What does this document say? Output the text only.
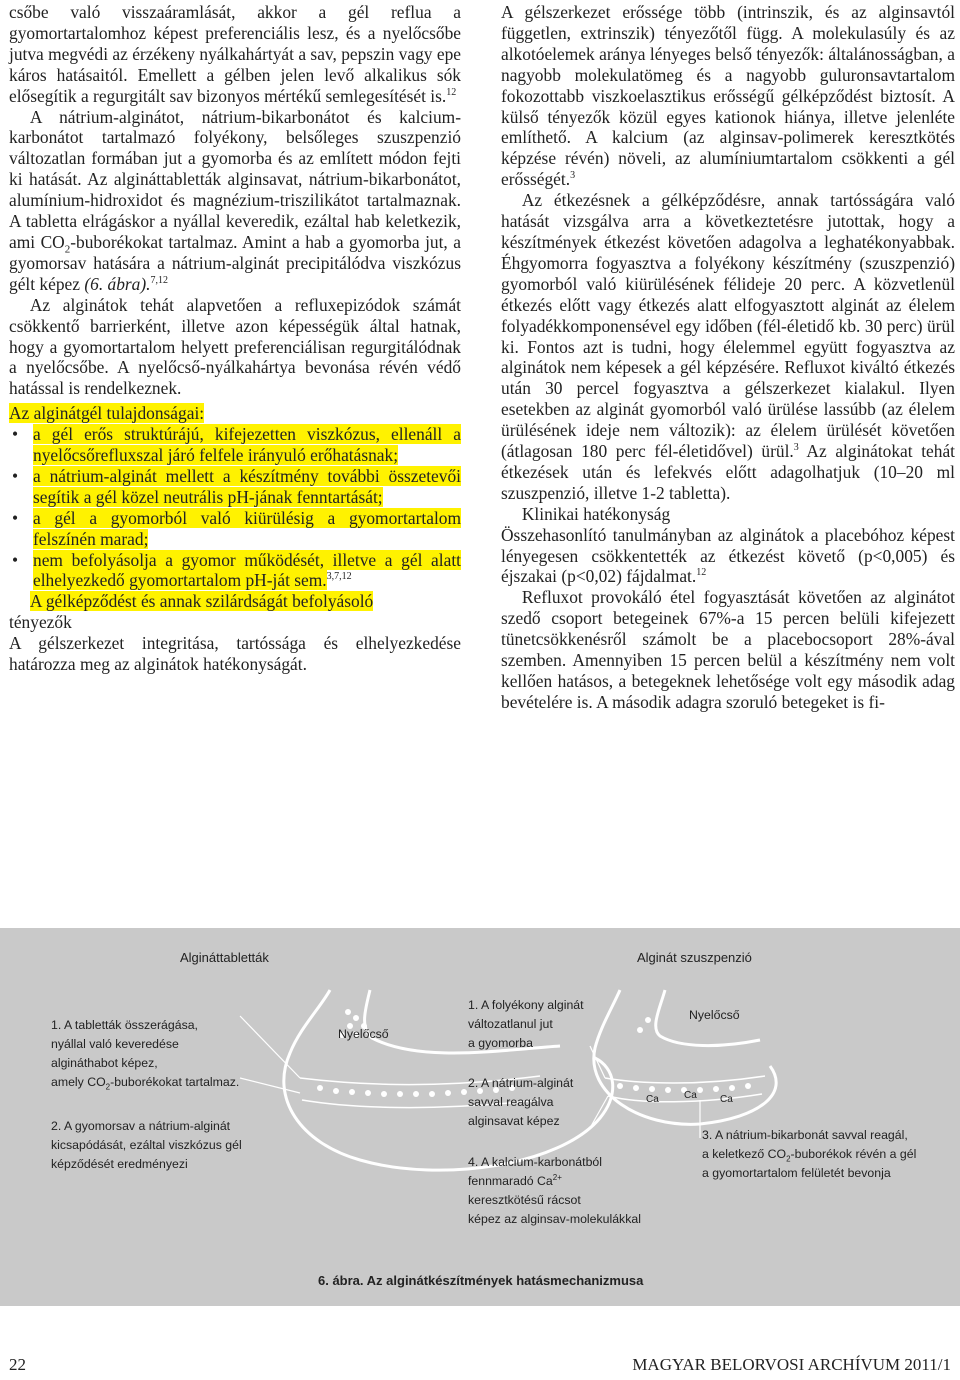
csőbe való visszaáramlását, akkor a gél reflua a gyomortartalomhoz képest preferenciális lesz, és a nyelőcsőbe jutva megvédi az érzékeny nyálkahártyát a sav, pepszin vagy epe káros hatásaitól. Emellett a gélben jelen levő alkalikus sók elősegítik a regurgitált sav bizonyos mértékű semlegesítését is.$^{12}$

A nátrium-alginátot, nátrium-bikarbonátot és kalcium-karbonátot tartalmazó folyékony, belsőleges szuszpenzió változatlan formában jut a gyomorba és az említett módon fejti ki hatását. Az algináttabletták alginsavat, nátrium-bikarbonátot, alumínium-hidroxidot és magnézium-triszilikátot tartalmaznak. A tabletta elrágáskor a nyállal keveredik, ezáltal hab keletkezik, ami $CO_2$-buborékokat tartalmaz. Amint a hab a gyomorba jut, a gyomorsav hatására a nátrium-alginát precipitálódva viszkózus gélt képez (6. ábra).$^{7,12}$

Az alginátok tehát alapvetően a refluxepizódok számát csökkentő barrierként, illetve azon képességük által hatnak, hogy a gyomortartalom helyett preferenciálisan regurgitálódnak a nyelőcsőbe. A nyelőcső-nyálkahártya bevonása révén védő hatással is rendelkeznek.

Az alginátgél tulajdonságai:

• a gél erős struktúrájú, kifejezetten viszkózus, ellenáll a nyelőcsőrefluxszal járó felfele irányuló erőhatásnak;
• a nátrium-alginát mellett a készítmény további összetevői segítik a gél közel neutrális pH-jának fenntartását;
• a gél a gyomorból való kiürülésig a gyomortartalom felszínén marad;
• nem befolyásolja a gyomor működését, illetve a gél alatt elhelyezkedő gyomortartalom pH-ját sem.$^{3,7,12}$

A gélképződést és annak szilárdságát befolyásoló
tényezők

A gélszerkezet integritása, tartóssága és elhelyezkedése határozza meg az alginátok hatékonyságát.

A gélszerkezet erőssége több (intrinszik, és az alginsavtól független, extrinszik) tényezőtől függ. A molekulasúly és az alkotóelemek aránya lényeges belső tényezők: általánosságban, a nagyobb molekulatömeg és a nagyobb guluronsavtartalom fokozottabb viszkoelasztikus erősségű gélképződést biztosít. A külső tényezők közül egyes kationok hiánya, illetve jelenléte említhető. A kalcium (az alginsav-polimerek keresztkötés képzése révén) növeli, az alumíniumtartalom csökkenti a gél erősségét.$^3$

Az étkezésnek a gélképződésre, annak tartósságára való hatását vizsgálva arra a következtetésre jutottak, hogy a készítmények étkezést követően adagolva a leghatékonyabbak. Éhgyomorra fogyasztva a folyékony készítmény (szuszpenzió) gyomorból való kiürülésének félideje 20 perc. A közvetlenül étkezés előtt vagy étkezés alatt elfogyasztott alginát az élelem folyadékkomponensével egy időben (fél-életidő kb. 30 perc) ürül ki. Fontos azt is tudni, hogy élelemmel együtt fogyasztva az alginátok nem képesek a gél képzésére. Refluxot kiváltó étkezés után 30 percel fogyasztva a gélszerkezet kialakul. Ilyen esetekben az alginát gyomorból való ürülése lassúbb (az élelem ürülésének ideje nem változik): az élelem ürülését követően (átlagosan 180 perc fél-életidővel) ürül.$^3$ Az alginátokat tehát étkezések után és lefekvés előtt adagolhatjuk (10–20 ml szuszpenzió, illetve 1-2 tabletta).

Klinikai hatékonyság

Összehasonlító tanulmányban az alginátok a placebóhoz képest lényegesen csökkentették az étkezést követő (p<0,005) és éjszakai (p<0,02) fájdalmat.$^{12}$

Refluxot provokáló étel fogyasztását követően az alginátot szedő csoport betegeinek 67%-a 15 percen belüli kifejezett tünetcsökkenésről számolt be a placebocsoport 28%-ával szemben. Amennyiben 15 percen belül a készítmény nem volt kellően hatásos, a betegeknek lehetősége volt egy második adag bevételére is. A második adagra szoruló betegeket is fi-

Algináttabletták	Alginát szuszpenzió
1. A tabletták összerágása,
nyállal való keveredése
algináthabot képez,
amely $CO_2$-buborékokat tartalmaz.
2. A gyomorsav a nátrium-alginát
kicsapódását, ezáltal viszkózus gél
képződését eredményezi
Nyelőcső
Nyelőcső
1. A folyékony alginát
változatlanul jut
a gyomorba
2. A nátrium-alginát
savval reagálva
alginsavat képez
4. A kalcium-karbonátból
fennmaradó $Ca^{2+}$
keresztkötésű rácsot
képez az alginsav-molekulákkal
3. A nátrium-bikarbonát savval reagál,
a keletkező $CO_2$-buborékok révén a gél
a gyomortartalom felületét bevonja
Ca	Ca Ca
6. ábra. Az alginátkészítmények hatásmechanizmusa
22	MAGYAR BELORVOSI ARCHÍVUM 2011/1
